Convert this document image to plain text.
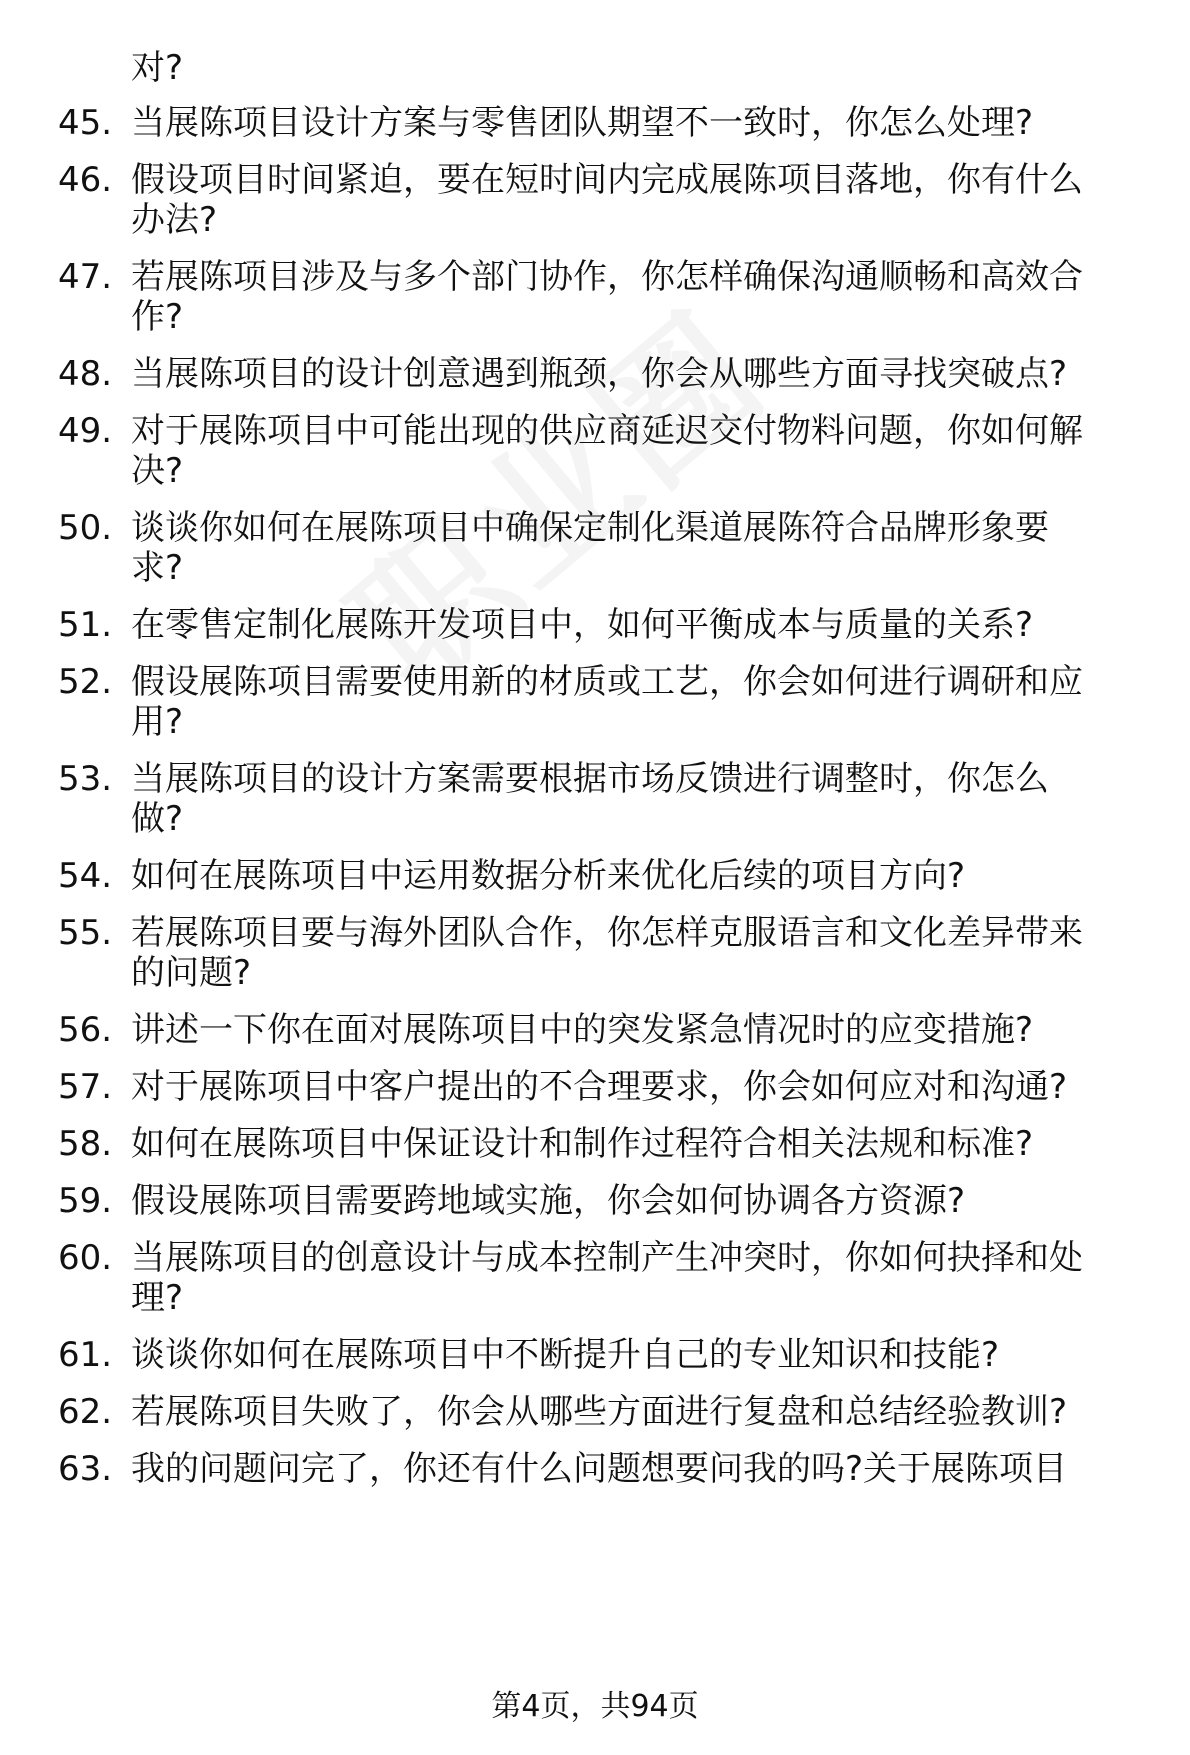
对?
45. 当展陈项目设计方案与零售团队期望不一致时，你怎么处理?
46. 假设项目时间紧迫，要在短时间内完成展陈项目落地，你有什么
办法?
47. 若展陈项目涉及与多个部门协作，你怎样确保沟通顺畅和高效合
作?
48. 当展陈项目的设计创意遇到瓶颈，你会从哪些方面寻找突破点?
49. 对于展陈项目中可能出现的供应商延迟交付物料问题，你如何解
决?
50. 谈谈你如何在展陈项目中确保定制化渠道展陈符合品牌形象要
求?
51. 在零售定制化展陈开发项目中，如何平衡成本与质量的关系?
52. 假设展陈项目需要使用新的材质或工艺，你会如何进行调研和应
用?
53. 当展陈项目的设计方案需要根据市场反馈进行调整时，你怎么
做?
54. 如何在展陈项目中运用数据分析来优化后续的项目方向?
55. 若展陈项目要与海外团队合作，你怎样克服语言和文化差异带来
的问题?
56. 讲述一下你在面对展陈项目中的突发紧急情况时的应变措施?
57. 对于展陈项目中客户提出的不合理要求，你会如何应对和沟通?
58. 如何在展陈项目中保证设计和制作过程符合相关法规和标准?
59. 假设展陈项目需要跨地域实施，你会如何协调各方资源?
60. 当展陈项目的创意设计与成本控制产生冲突时，你如何抉择和处
理?
61. 谈谈你如何在展陈项目中不断提升自己的专业知识和技能?
62. 若展陈项目失败了，你会从哪些方面进行复盘和总结经验教训?
63. 我的问题问完了，你还有什么问题想要问我的吗?关于展陈项目
第4页，共94页
